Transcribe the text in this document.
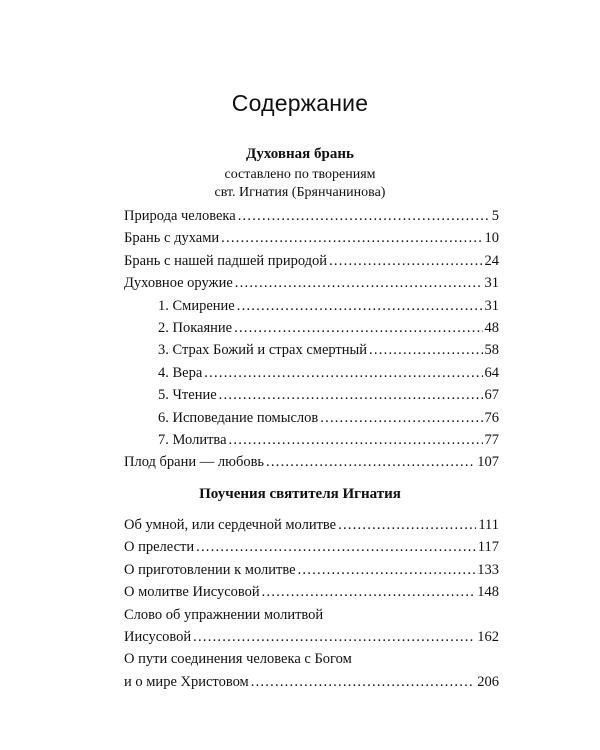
Содержание
Духовная брань
составлено по творениям
свт. Игнатия (Брянчанинова)
Природа человека . . .	5
Брань с духами . . .	10
Брань с нашей падшей природой . . .	24
Духовное оружие . . .	31
1. Смирение . . .	31
2. Покаяние . . .	48
3. Страх Божий и страх смертный . . .	58
4. Вера . . .	64
5. Чтение . . .	67
6. Исповедание помыслов . . .	76
7. Молитва . . .	77
Плод брани — любовь . . .	107
Поучения святителя Игнатия
Об умной, или сердечной молитве . . .	111
О прелести . . .	117
О приготовлении к молитве . . .	133
О молитве Иисусовой . . .	148
Слово об упражнении молитвой
Иисусовой . . .	162
О пути соединения человека с Богом
и о мире Христовом . . .	206
